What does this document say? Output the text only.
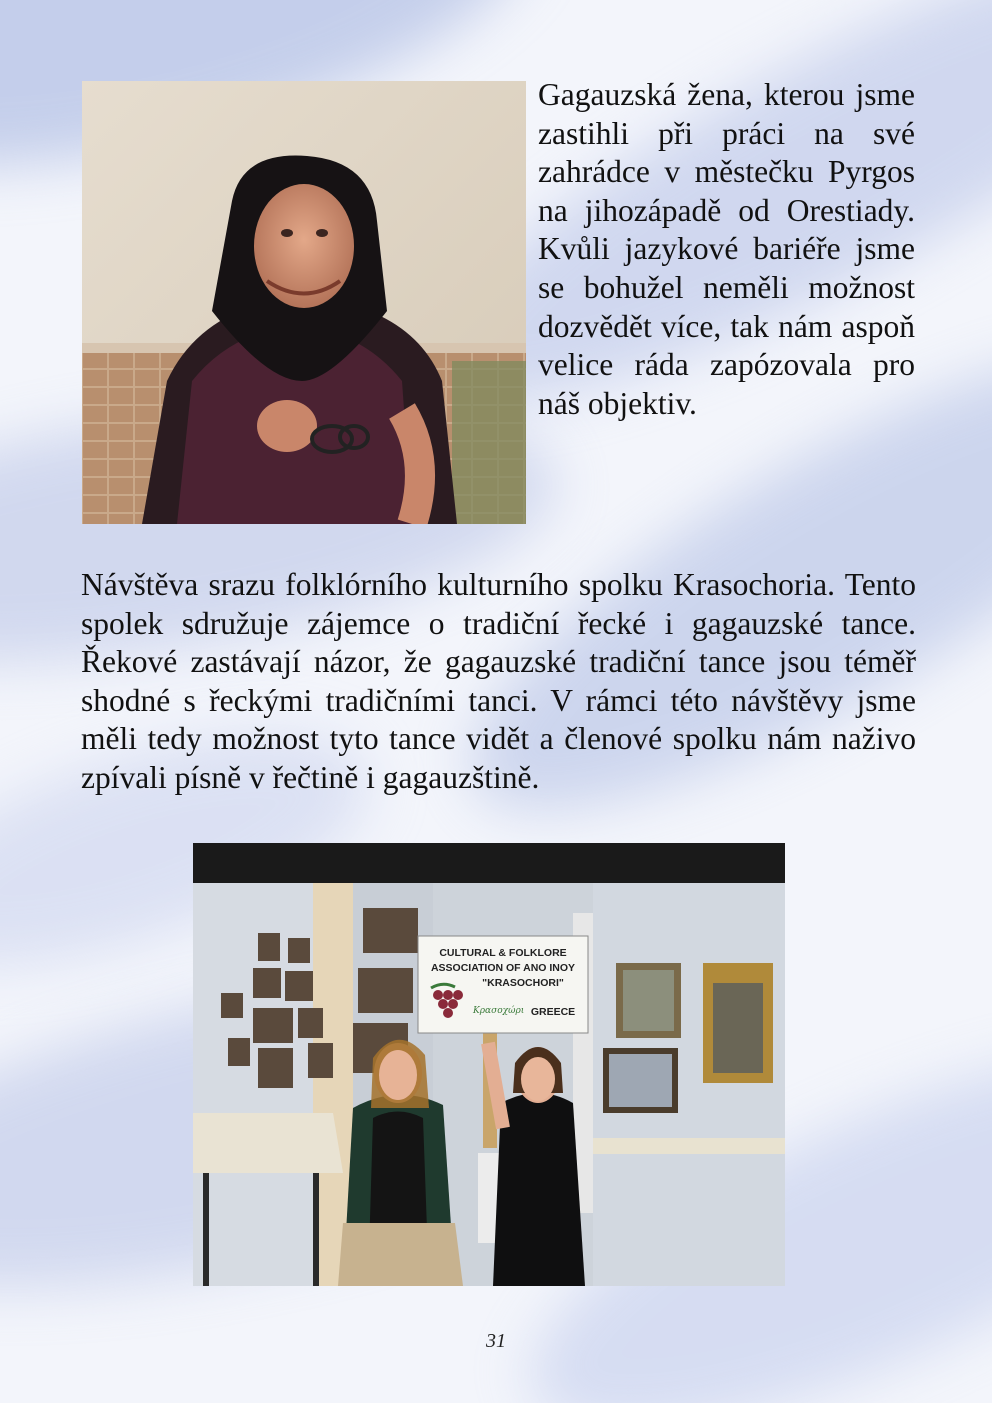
Gagauzská žena, kterou jsme zastihli při práci na své zahrádce v městečku Pyrgos na jihozápadě od Orestiady. Kvůli jazykové bariéře jsme se bohužel neměli možnost dozvědět více, tak nám aspoň velice ráda zapózovala pro náš objektiv.
Návštěva srazu folklórního kulturního spolku Krasochoria. Tento spolek sdružuje zájemce o tradiční řecké i gagauzské tance. Řekové zastávají názor, že gagauzské tradiční tance jsou téměř shodné s řeckými tradičními tanci. V rámci této návštěvy jsme měli tedy možnost tyto tance vidět a členové spolku nám naživo zpívali písně v řečtině i gagauzštině.
CULTURAL & FOLKLORE
ASSOCIATION OF ANO INOY
"KRASOCHORI"
Κρασοχώρι GREECE
31
